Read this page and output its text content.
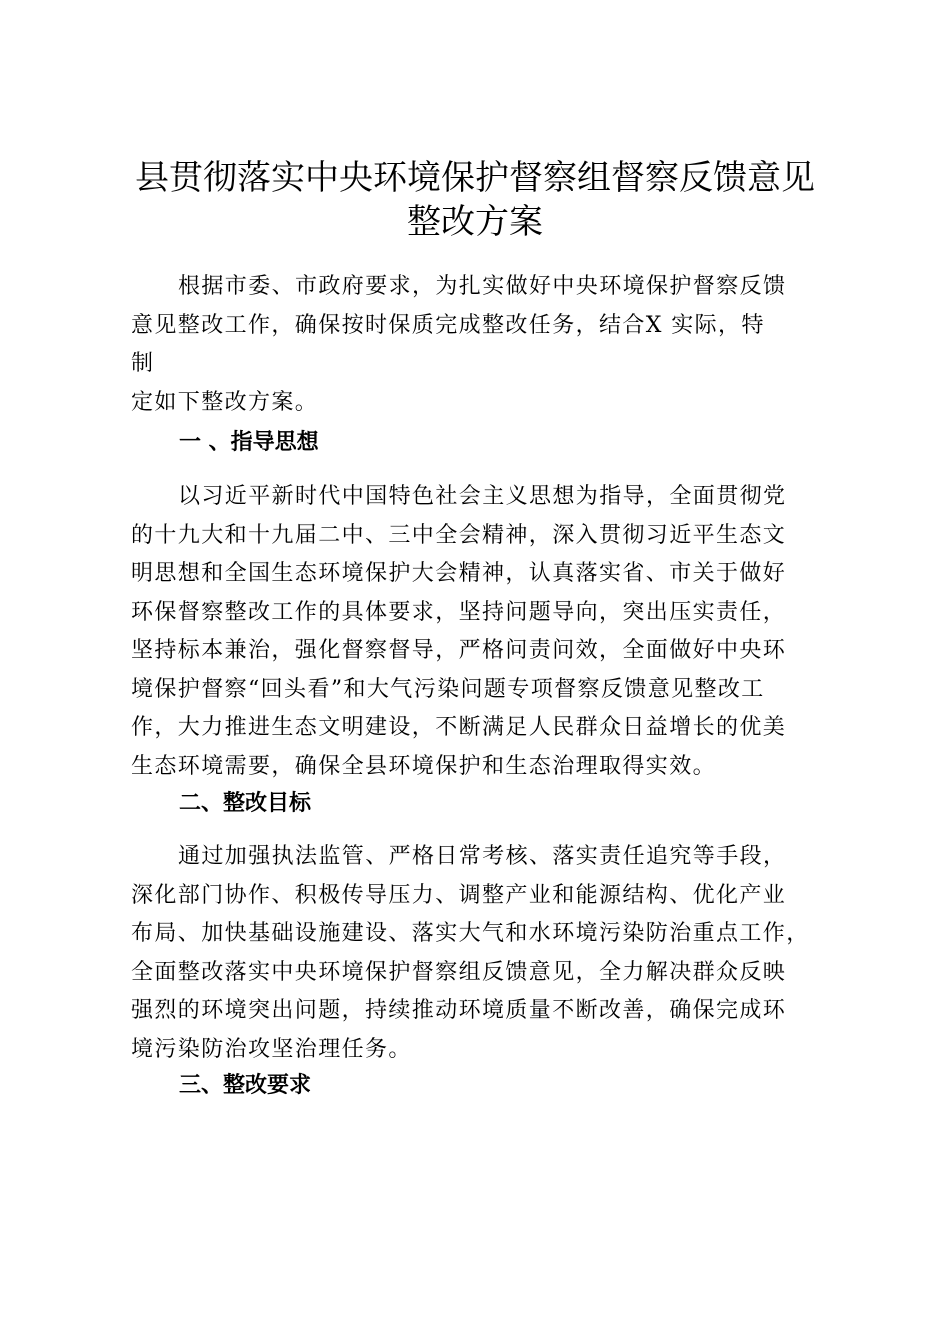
县贯彻落实中央环境保护督察组督察反馈意见
整改方案

根据市委、市政府要求，为扎实做好中央环境保护督察反馈
意见整改工作，确保按时保质完成整改任务，结合X 实际，特
制
定如下整改方案。

一 、指导思想

以习近平新时代中国特色社会主义思想为指导，全面贯彻党
的十九大和十九届二中、三中全会精神，深入贯彻习近平生态文
明思想和全国生态环境保护大会精神，认真落实省、市关于做好
环保督察整改工作的具体要求，坚持问题导向，突出压实责任，
坚持标本兼治，强化督察督导，严格问责问效，全面做好中央环
境保护督察“回头看”和大气污染问题专项督察反馈意见整改工
作，大力推进生态文明建设，不断满足人民群众日益增长的优美
生态环境需要，确保全县环境保护和生态治理取得实效。

二、整改目标

通过加强执法监管、严格日常考核、落实责任追究等手段，
深化部门协作、积极传导压力、调整产业和能源结构、优化产业
布局、加快基础设施建设、落实大气和水环境污染防治重点工作，
全面整改落实中央环境保护督察组反馈意见，全力解决群众反映
强烈的环境突出问题，持续推动环境质量不断改善，确保完成环
境污染防治攻坚治理任务。

三、整改要求
